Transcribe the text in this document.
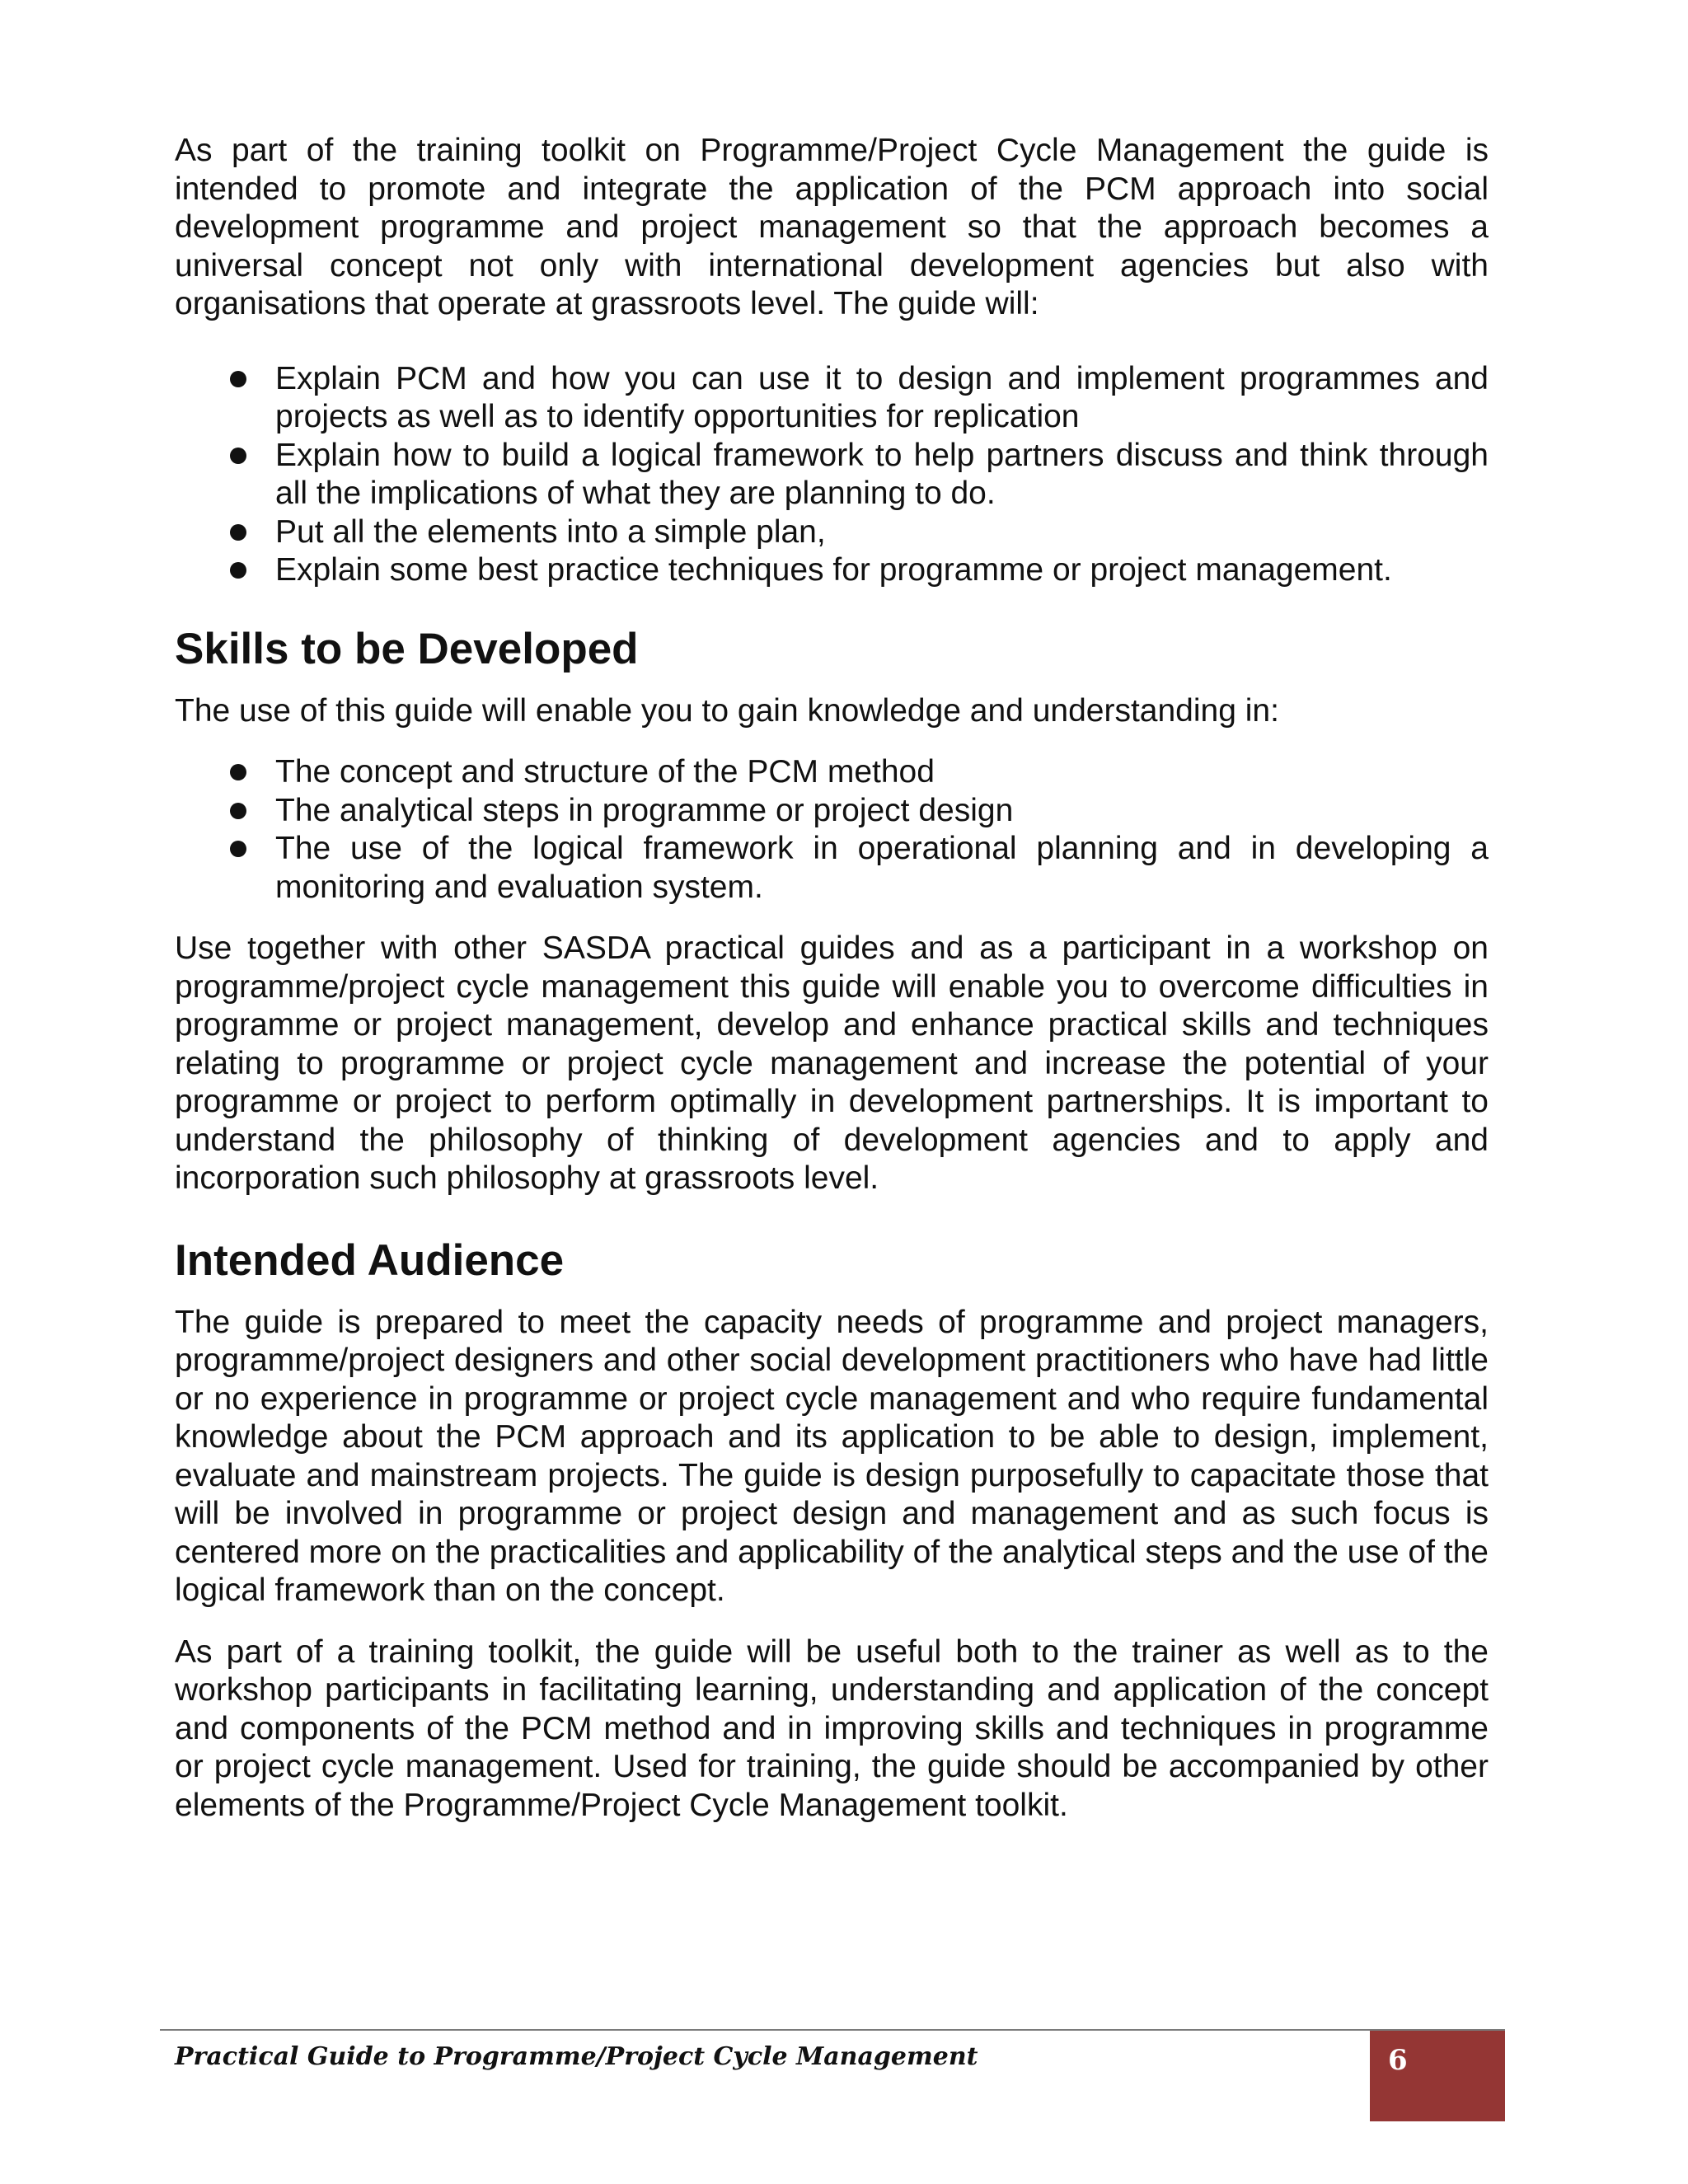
As part of the training toolkit on Programme/Project Cycle Management the guide is intended to promote and integrate the application of the PCM approach into social development programme and project management so that the approach becomes a universal concept not only with international development agencies but also with organisations that operate at grassroots level. The guide will:

Explain PCM and how you can use it to design and implement programmes and projects as well as to identify opportunities for replication
Explain how to build a logical framework to help partners discuss and think through all the implications of what they are planning to do.
Put all the elements into a simple plan,
Explain some best practice techniques for programme or project management.
Skills to be Developed

The use of this guide will enable you to gain knowledge and understanding in:

The concept and structure of the PCM method
The analytical steps in programme or project design
The use of the logical framework in operational planning and in developing a monitoring and evaluation system.

Use together with other SASDA practical guides and as a participant in a workshop on programme/project cycle management this guide will enable you to overcome difficulties in programme or project management, develop and enhance practical skills and techniques relating to programme or project cycle management and increase the potential of your programme or project to perform optimally in development partnerships. It is important to understand the philosophy of thinking of development agencies and to apply and incorporation such philosophy at grassroots level.

Intended Audience

The guide is prepared to meet the capacity needs of programme and project managers, programme/project designers and other social development practitioners who have had little or no experience in programme or project cycle management and who require fundamental knowledge about the PCM approach and its application to be able to design, implement, evaluate and mainstream projects. The guide is design purposefully to capacitate those that will be involved in programme or project design and management and as such focus is centered more on the practicalities and applicability of the analytical steps and the use of the logical framework than on the concept.

As part of a training toolkit, the guide will be useful both to the trainer as well as to the workshop participants in facilitating learning, understanding and application of the concept and components of the PCM method and in improving skills and techniques in programme or project cycle management. Used for training, the guide should be accompanied by other elements of the Programme/Project Cycle Management toolkit.

Practical Guide to Programme/Project Cycle Management	6
